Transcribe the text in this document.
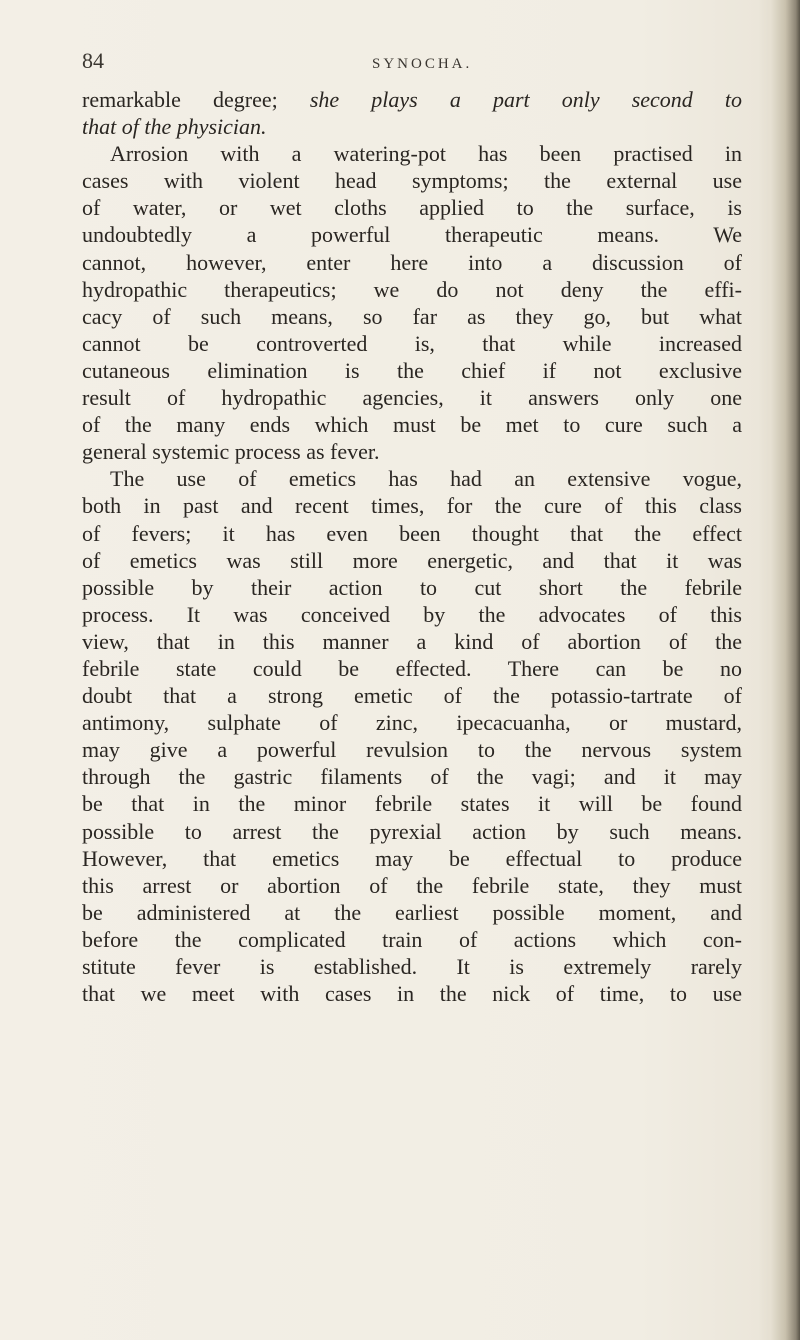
84	SYNOCHA.
remarkable degree; she plays a part only second to
that of the physician.
Arrosion with a watering-pot has been practised in
cases with violent head symptoms; the external use
of water, or wet cloths applied to the surface, is
undoubtedly a powerful therapeutic means. We
cannot, however, enter here into a discussion of
hydropathic therapeutics; we do not deny the effi-
cacy of such means, so far as they go, but what
cannot be controverted is, that while increased
cutaneous elimination is the chief if not exclusive
result of hydropathic agencies, it answers only one
of the many ends which must be met to cure such a
general systemic process as fever.
The use of emetics has had an extensive vogue,
both in past and recent times, for the cure of this class
of fevers; it has even been thought that the effect
of emetics was still more energetic, and that it was
possible by their action to cut short the febrile
process. It was conceived by the advocates of this
view, that in this manner a kind of abortion of the
febrile state could be effected. There can be no
doubt that a strong emetic of the potassio-tartrate of
antimony, sulphate of zinc, ipecacuanha, or mustard,
may give a powerful revulsion to the nervous system
through the gastric filaments of the vagi; and it may
be that in the minor febrile states it will be found
possible to arrest the pyrexial action by such means.
However, that emetics may be effectual to produce
this arrest or abortion of the febrile state, they must
be administered at the earliest possible moment, and
before the complicated train of actions which con-
stitute fever is established. It is extremely rarely
that we meet with cases in the nick of time, to use
